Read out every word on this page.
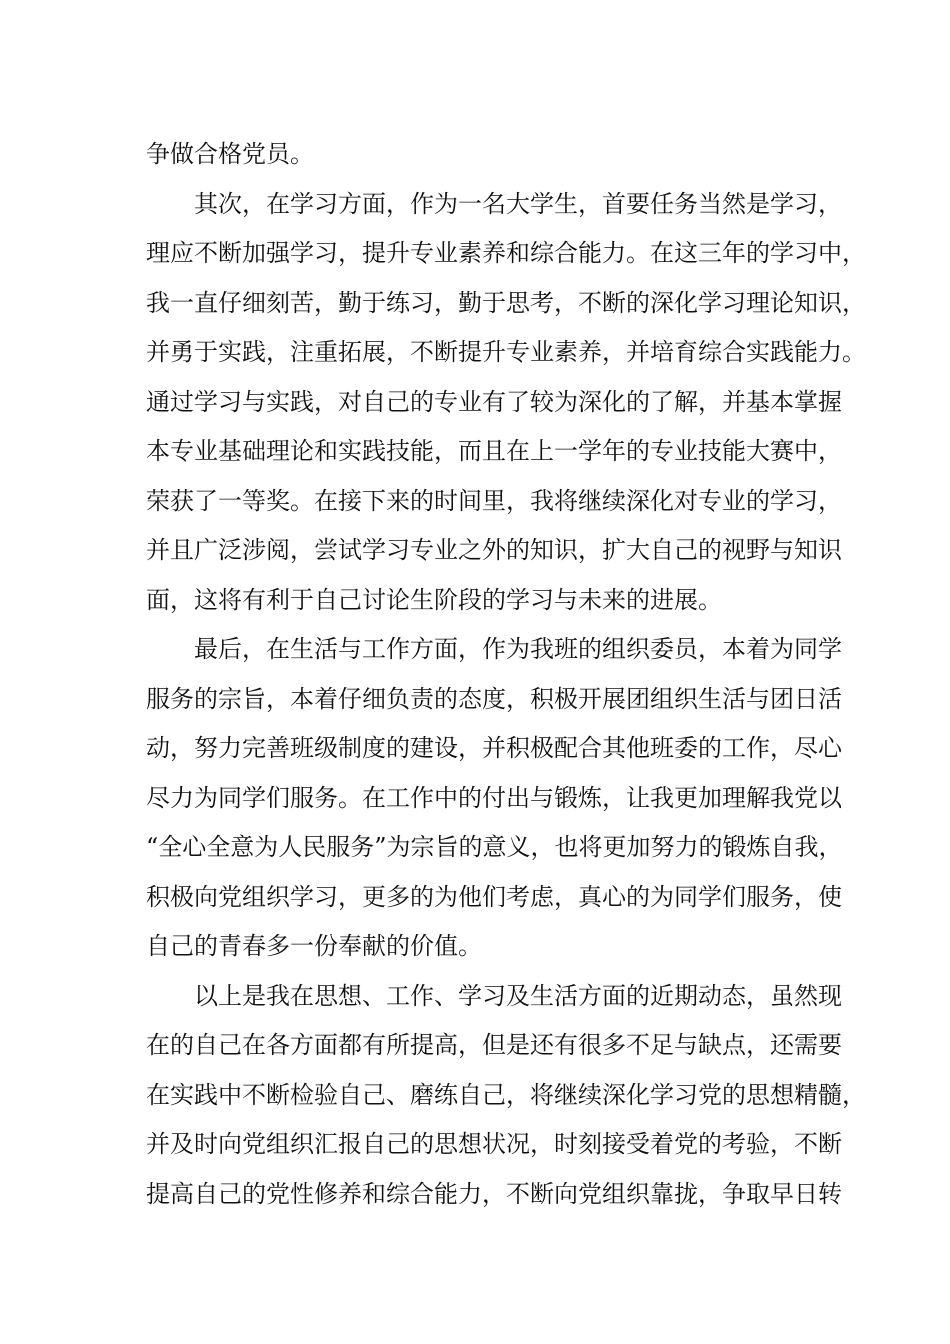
争做合格党员。
其次，在学习方面，作为一名大学生，首要任务当然是学习，
理应不断加强学习，提升专业素养和综合能力。在这三年的学习中，
我一直仔细刻苦，勤于练习，勤于思考，不断的深化学习理论知识，
并勇于实践，注重拓展，不断提升专业素养，并培育综合实践能力。
通过学习与实践，对自己的专业有了较为深化的了解，并基本掌握
本专业基础理论和实践技能，而且在上一学年的专业技能大赛中，
荣获了一等奖。在接下来的时间里，我将继续深化对专业的学习，
并且广泛涉阅，尝试学习专业之外的知识，扩大自己的视野与知识
面，这将有利于自己讨论生阶段的学习与未来的进展。
最后，在生活与工作方面，作为我班的组织委员，本着为同学
服务的宗旨，本着仔细负责的态度，积极开展团组织生活与团日活
动，努力完善班级制度的建设，并积极配合其他班委的工作，尽心
尽力为同学们服务。在工作中的付出与锻炼，让我更加理解我党以
“全心全意为人民服务”为宗旨的意义，也将更加努力的锻炼自我，
积极向党组织学习，更多的为他们考虑，真心的为同学们服务，使
自己的青春多一份奉献的价值。
以上是我在思想、工作、学习及生活方面的近期动态，虽然现
在的自己在各方面都有所提高，但是还有很多不足与缺点，还需要
在实践中不断检验自己、磨练自己，将继续深化学习党的思想精髓，
并及时向党组织汇报自己的思想状况，时刻接受着党的考验，不断
提高自己的党性修养和综合能力，不断向党组织靠拢，争取早日转
